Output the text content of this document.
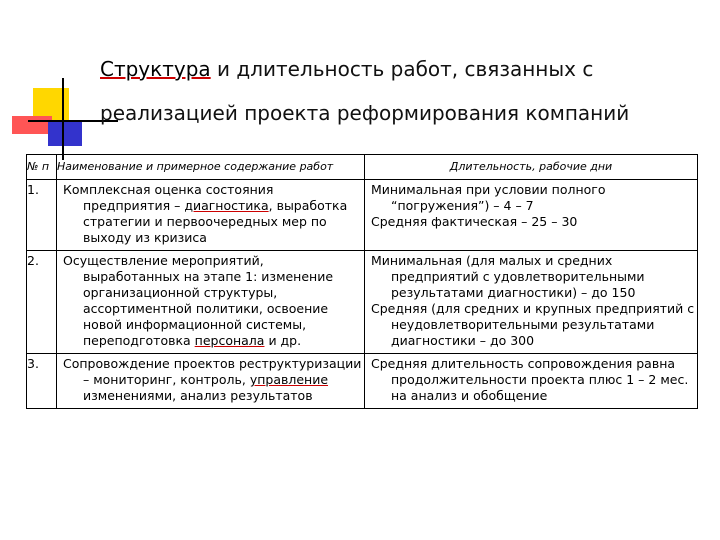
Структура и длительность работ, связанных с
реализацией проекта реформирования компаний
№ п	Наименование и примерное содержание работ	Длительность, рабочие дни
1.	Комплексная оценка состояния предприятия – диагностика, выработка стратегии и первоочередных мер по выходу из кризиса	Минимальная при условии полного “погружения”) – 4 – 7
Средняя фактическая – 25 – 30

2.	Осуществление мероприятий, выработанных на этапе 1: изменение организационной структуры, ассортиментной политики, освоение новой информационной системы, переподготовка персонала и др.	Минимальная (для малых и средних предприятий с удовлетворительными результатами диагностики) – до 150
Средняя (для средних и крупных предприятий с неудовлетворительными результатами диагностики – до 300

3.	Сопровождение проектов реструктуризации – мониторинг, контроль, управление изменениями, анализ результатов	Средняя длительность сопровождения равна продолжительности проекта плюс 1 – 2 мес. на анализ и обобщение
